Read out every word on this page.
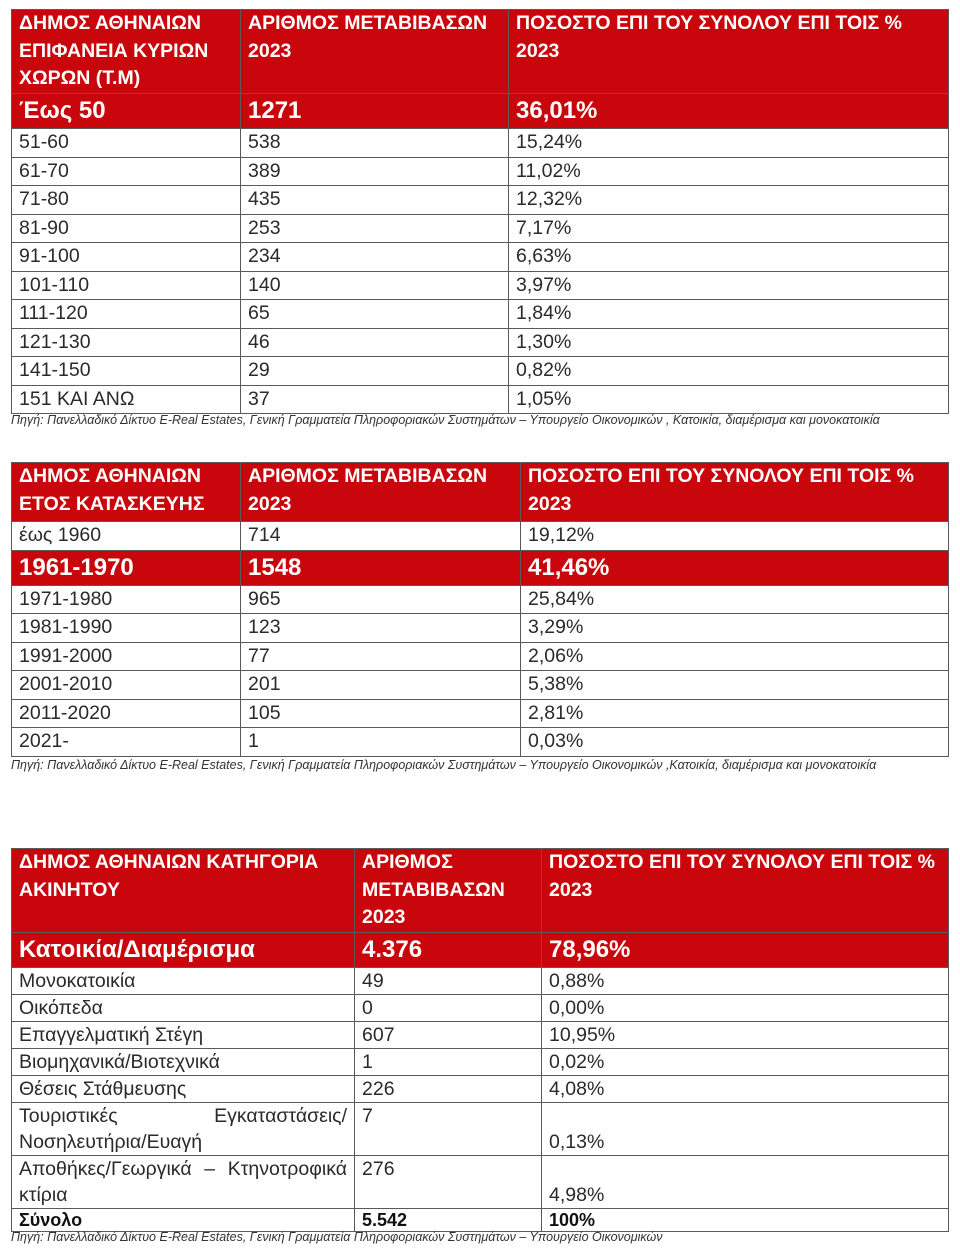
ΔΗΜΟΣ ΑΘΗΝΑΙΩΝ ΕΠΙΦΑΝΕΙΑ ΚΥΡΙΩΝ ΧΩΡΩΝ (Τ.Μ)	ΑΡΙΘΜΟΣ ΜΕΤΑΒΙΒΑΣΩΝ 2023	ΠΟΣΟΣΤΟ ΕΠΙ ΤΟΥ ΣΥΝΟΛΟΥ ΕΠΙ ΤΟΙΣ % 2023
Έως 50	1271	36,01%
51-60	538	15,24%
61-70	389	11,02%
71-80	435	12,32%
81-90	253	7,17%
91-100	234	6,63%
101-110	140	3,97%
111-120	65	1,84%
121-130	46	1,30%
141-150	29	0,82%
151 ΚΑΙ ΑΝΩ	37	1,05%
Πηγή: Πανελλαδικό Δίκτυο E-Real Estates, Γενική Γραμματεία Πληροφοριακών Συστημάτων – Υπουργείο Οικονομικών , Κατοικία, διαμέρισμα και μονοκατοικία
ΔΗΜΟΣ ΑΘΗΝΑΙΩΝ ΕΤΟΣ ΚΑΤΑΣΚΕΥΗΣ	ΑΡΙΘΜΟΣ ΜΕΤΑΒΙΒΑΣΩΝ 2023	ΠΟΣΟΣΤΟ ΕΠΙ ΤΟΥ ΣΥΝΟΛΟΥ ΕΠΙ ΤΟΙΣ % 2023
έως 1960	714	19,12%
1961-1970	1548	41,46%
1971-1980	965	25,84%
1981-1990	123	3,29%
1991-2000	77	2,06%
2001-2010	201	5,38%
2011-2020	105	2,81%
2021-	1	0,03%
Πηγή: Πανελλαδικό Δίκτυο E-Real Estates, Γενική Γραμματεία Πληροφοριακών Συστημάτων – Υπουργείο Οικονομικών ,Κατοικία, διαμέρισμα και μονοκατοικία
ΔΗΜΟΣ ΑΘΗΝΑΙΩΝ ΚΑΤΗΓΟΡΙΑ ΑΚΙΝΗΤΟΥ	ΑΡΙΘΜΟΣ ΜΕΤΑΒΙΒΑΣΩΝ 2023	ΠΟΣΟΣΤΟ ΕΠΙ ΤΟΥ ΣΥΝΟΛΟΥ ΕΠΙ ΤΟΙΣ % 2023
Κατοικία/Διαμέρισμα	4.376	78,96%
Μονοκατοικία	49	0,88%
Οικόπεδα	0	0,00%
Επαγγελματική Στέγη	607	10,95%
Βιομηχανικά/Βιοτεχνικά	1	0,02%
Θέσεις Στάθμευσης	226	4,08%

Τουριστικές Εγκαταστάσεις/Νοσηλευτήρια/Ευαγή	7	0,13%

Αποθήκες/Γεωργικά – Κτηνοτροφικά κτίρια	276	4,98%
Σύνολο	5.542	100%
Πηγή: Πανελλαδικό Δίκτυο E-Real Estates, Γενική Γραμματεία Πληροφοριακών Συστημάτων – Υπουργείο Οικονομικών
